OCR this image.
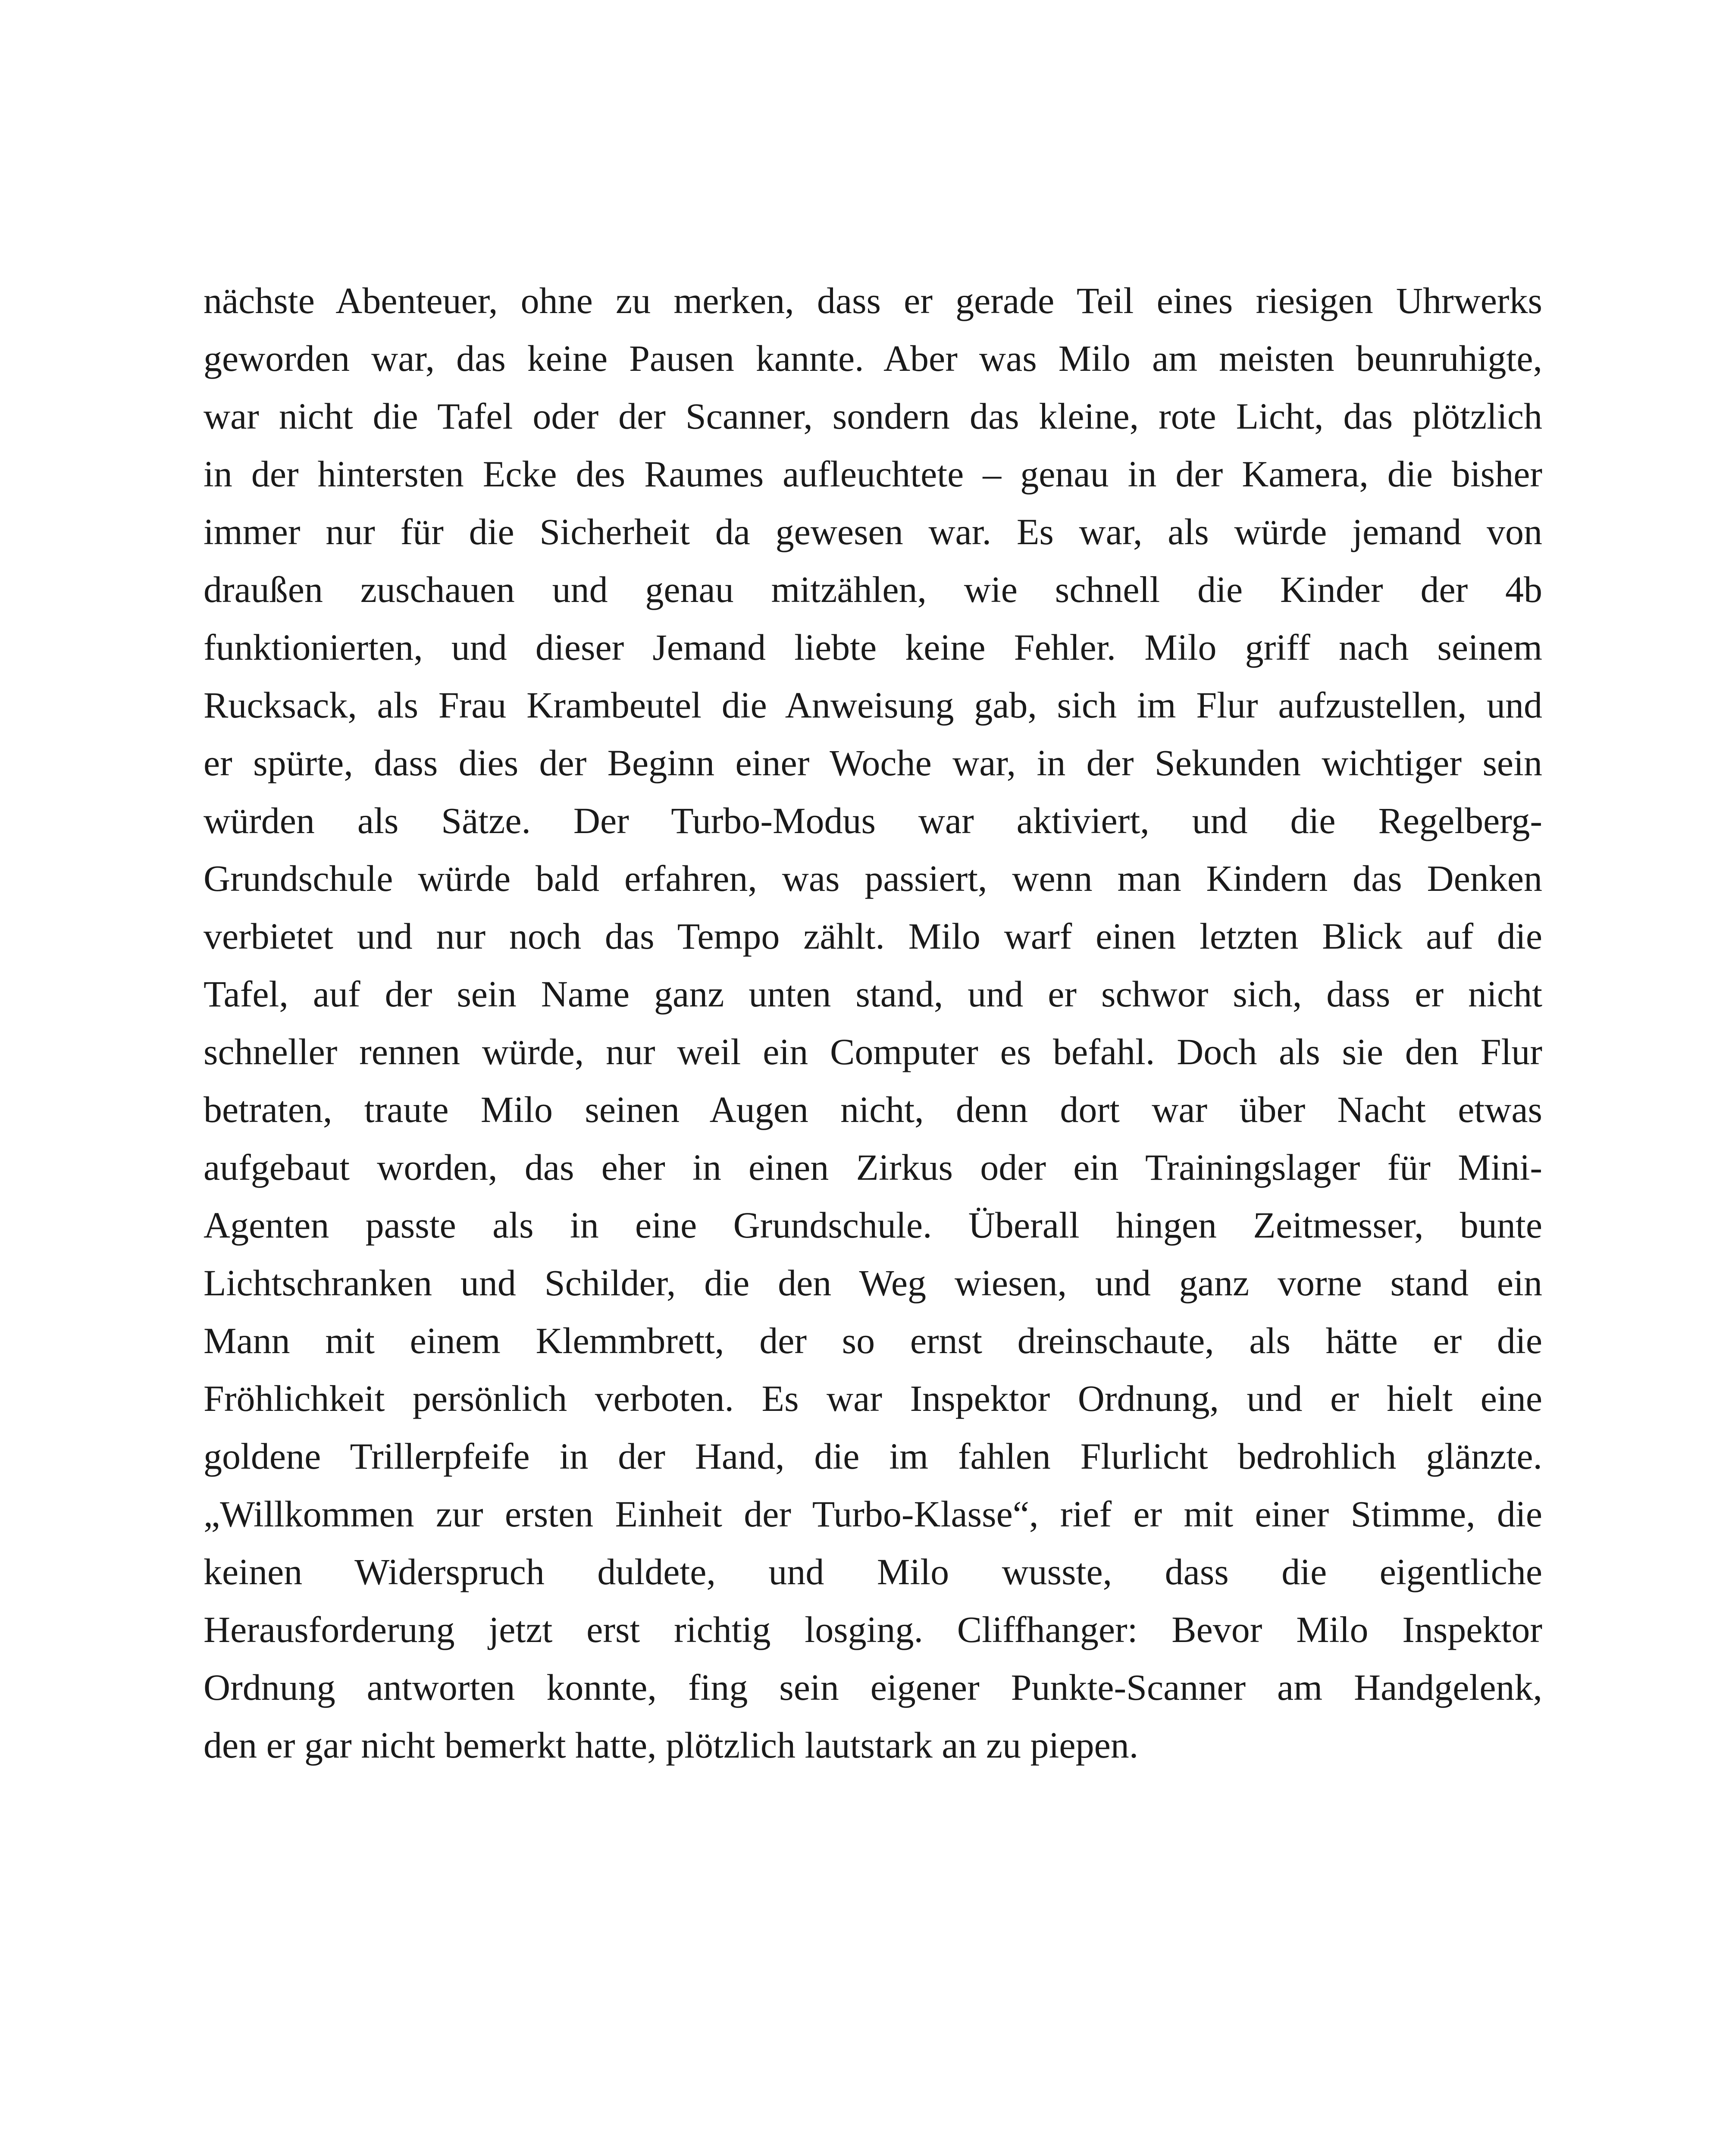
nächste Abenteuer, ohne zu merken, dass er gerade Teil eines riesigen Uhrwerks
geworden war, das keine Pausen kannte. Aber was Milo am meisten beunruhigte,
war nicht die Tafel oder der Scanner, sondern das kleine, rote Licht, das plötzlich
in der hintersten Ecke des Raumes aufleuchtete – genau in der Kamera, die bisher
immer nur für die Sicherheit da gewesen war. Es war, als würde jemand von
draußen zuschauen und genau mitzählen, wie schnell die Kinder der 4b
funktionierten, und dieser Jemand liebte keine Fehler. Milo griff nach seinem
Rucksack, als Frau Krambeutel die Anweisung gab, sich im Flur aufzustellen, und
er spürte, dass dies der Beginn einer Woche war, in der Sekunden wichtiger sein
würden als Sätze. Der Turbo-Modus war aktiviert, und die Regelberg-
Grundschule würde bald erfahren, was passiert, wenn man Kindern das Denken
verbietet und nur noch das Tempo zählt. Milo warf einen letzten Blick auf die
Tafel, auf der sein Name ganz unten stand, und er schwor sich, dass er nicht
schneller rennen würde, nur weil ein Computer es befahl. Doch als sie den Flur
betraten, traute Milo seinen Augen nicht, denn dort war über Nacht etwas
aufgebaut worden, das eher in einen Zirkus oder ein Trainingslager für Mini-
Agenten passte als in eine Grundschule. Überall hingen Zeitmesser, bunte
Lichtschranken und Schilder, die den Weg wiesen, und ganz vorne stand ein
Mann mit einem Klemmbrett, der so ernst dreinschaute, als hätte er die
Fröhlichkeit persönlich verboten. Es war Inspektor Ordnung, und er hielt eine
goldene Trillerpfeife in der Hand, die im fahlen Flurlicht bedrohlich glänzte.
„Willkommen zur ersten Einheit der Turbo-Klasse“, rief er mit einer Stimme, die
keinen Widerspruch duldete, und Milo wusste, dass die eigentliche
Herausforderung jetzt erst richtig losging. Cliffhanger: Bevor Milo Inspektor
Ordnung antworten konnte, fing sein eigener Punkte-Scanner am Handgelenk,
den er gar nicht bemerkt hatte, plötzlich lautstark an zu piepen.
